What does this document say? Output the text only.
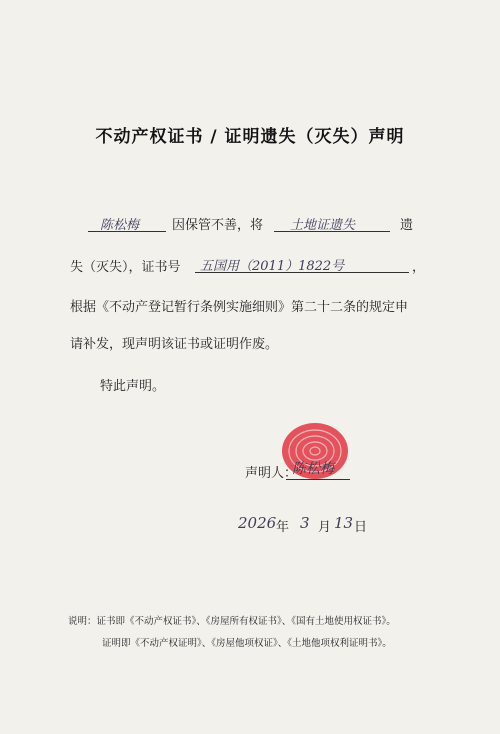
不动产权证书 / 证明遗失（灭失）声明
陈松梅	因保管不善，将 土地证遗失	遗
失（灭失），证书号 五国用（2011）1822号	，
根据《不动产登记暂行条例实施细则》第二十二条的规定申
请补发，现声明该证书或证明作废。
特此声明。
声明人：
陈松梅
2026 年 3 月 13 日
说明：证书即《不动产权证书》、《房屋所有权证书》、《国有土地使用权证书》。
证明即《不动产权证明》、《房屋他项权证》、《土地他项权利证明书》。
